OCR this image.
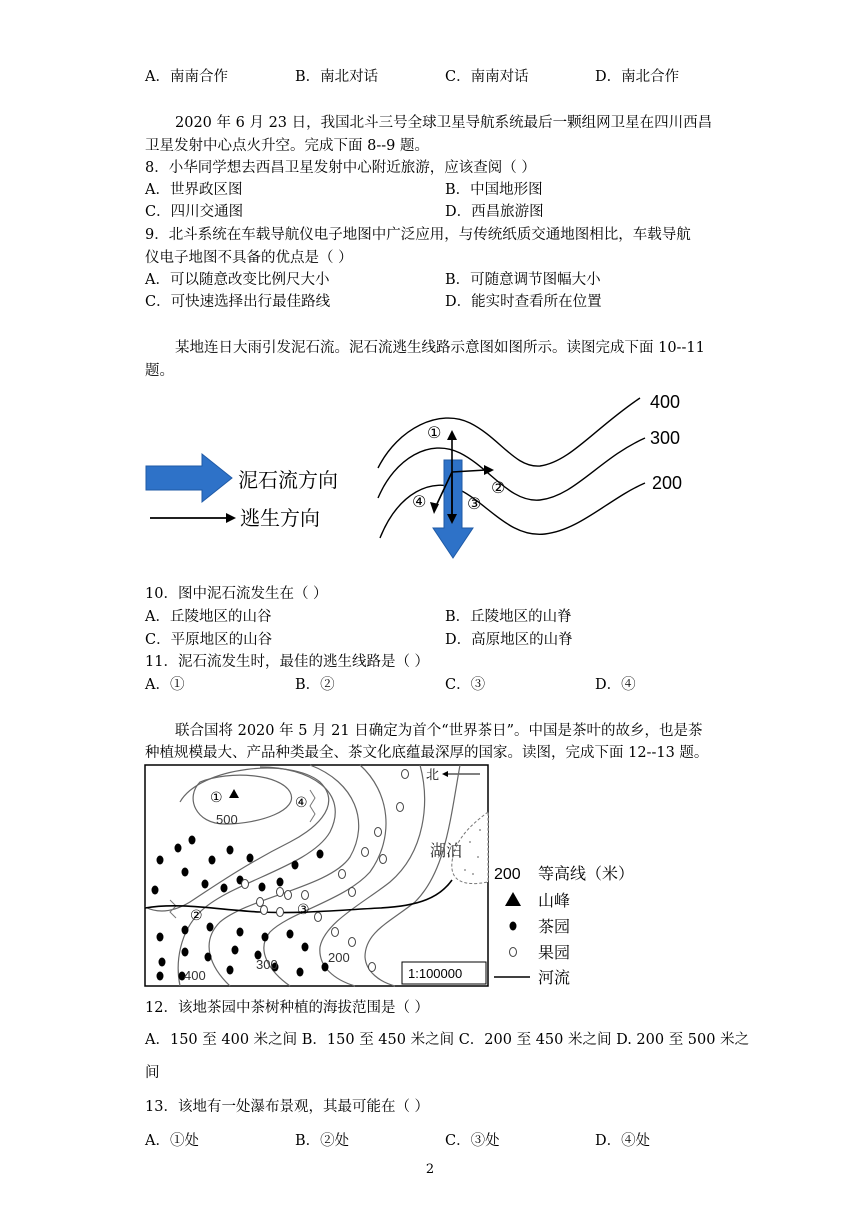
A．南南合作	B．南北对话	C．南南对话	D．南北合作
2020 年 6 月 23 日，我国北斗三号全球卫星导航系统最后一颗组网卫星在四川西昌
卫星发射中心点火升空。完成下面 8--9 题。
8．小华同学想去西昌卫星发射中心附近旅游，应该查阅（ ）
A．世界政区图	B．中国地形图
C．四川交通图	D．西昌旅游图
9．北斗系统在车载导航仪电子地图中广泛应用，与传统纸质交通地图相比，车载导航
仪电子地图不具备的优点是（ ）
A．可以随意改变比例尺大小	B．可随意调节图幅大小
C．可快速选择出行最佳路线	D．能实时查看所在位置
某地连日大雨引发泥石流。泥石流逃生线路示意图如图所示。读图完成下面 10--11
题。
泥石流方向
逃生方向
400
300
200
①
②
③
④
10．图中泥石流发生在（ ）
A．丘陵地区的山谷	B．丘陵地区的山脊
C．平原地区的山谷	D．高原地区的山脊
11．泥石流发生时，最佳的逃生线路是（ ）
A．①	B．②	C．③	D．④
联合国将 2020 年 5 月 21 日确定为首个“世界茶日”。中国是茶叶的故乡，也是茶
种植规模最大、产品种类最全、茶文化底蕴最深厚的国家。读图，完成下面 12--13 题。
湖泊
北
①
②	③
④
500
400
300	200
1:100000
200 等高线（米）
山峰
茶园
果园
河流
12．该地茶园中茶树种植的海拔范围是（ ）
A．150 至 400 米之间 B．150 至 450 米之间 C．200 至 450 米之间 D. 200 至 500 米之
间
13．该地有一处瀑布景观，其最可能在（ ）
A．①处	B．②处	C．③处	D．④处
2
